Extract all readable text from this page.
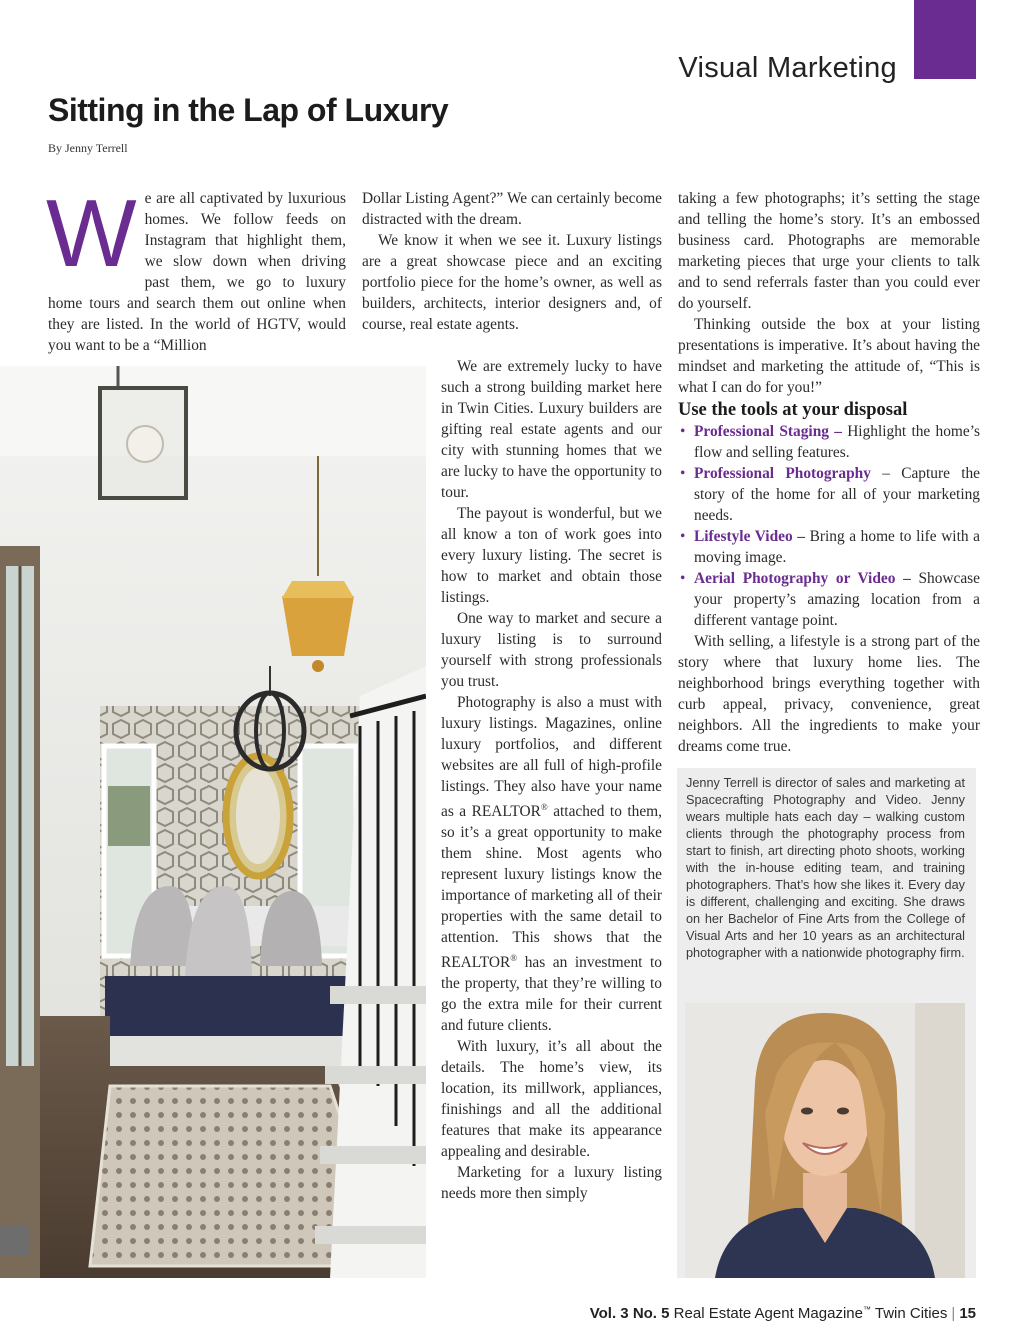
Visual Marketing
Sitting in the Lap of Luxury
By Jenny Terrell

We are all captivated by luxurious homes. We follow feeds on Instagram that highlight them, we slow down when driving past them, we go to luxury home tours and search them out online when they are listed. In the world of HGTV, would you want to be a “Million

Dollar Listing Agent?” We can certainly become distracted with the dream.

We know it when we see it. Luxury listings are a great showcase piece and an exciting portfolio piece for the home’s owner, as well as builders, architects, interior designers and, of course, real estate agents.

We are extremely lucky to have such a strong building market here in Twin Cities. Luxury builders are gifting real estate agents and our city with stunning homes that we are lucky to have the opportunity to tour.

The payout is wonderful, but we all know a ton of work goes into every luxury listing. The secret is how to market and obtain those listings.

One way to market and secure a luxury listing is to surround yourself with strong professionals you trust.

Photography is also a must with luxury listings. Magazines, online luxury portfolios, and different websites are all full of high-profile listings. They also have your name as a REALTOR® attached to them, so it’s a great opportunity to make them shine. Most agents who represent luxury listings know the importance of marketing all of their properties with the same detail to attention. This shows that the REALTOR® has an investment to the property, that they’re willing to go the extra mile for their current and future clients.

With luxury, it’s all about the details. The home’s view, its location, its millwork, appliances, finishings and all the additional features that make its appearance appealing and desirable.

Marketing for a luxury listing needs more then simply

taking a few photographs; it’s setting the stage and telling the home’s story. It’s an embossed business card. Photographs are memorable marketing pieces that urge your clients to talk and to send referrals faster than you could ever do yourself.

Thinking outside the box at your listing presentations is imperative. It’s about having the mindset and marketing the attitude of, “This is what I can do for you!”

Use the tools at your disposal
• Professional Staging – Highlight the home’s flow and selling features.
• Professional Photography – Capture the story of the home for all of your marketing needs.
• Lifestyle Video – Bring a home to life with a moving image.
• Aerial Photography or Video – Showcase your property’s amazing location from a different vantage point.

With selling, a lifestyle is a strong part of the story where that luxury home lies. The neighborhood brings everything together with curb appeal, privacy, convenience, great neighbors. All the ingredients to make your dreams come true.

Jenny Terrell is director of sales and marketing at Spacecrafting Photography and Video. Jenny wears multiple hats each day – walking custom clients through the photography process from start to finish, art directing photo shoots, working with the in-house editing team, and training photographers. That’s how she likes it. Every day is different, challenging and exciting. She draws on her Bachelor of Fine Arts from the College of Visual Arts and her 10 years as an architectural photographer with a nationwide photography firm.

Vol. 3 No. 5 Real Estate Agent Magazine™ Twin Cities | 15
